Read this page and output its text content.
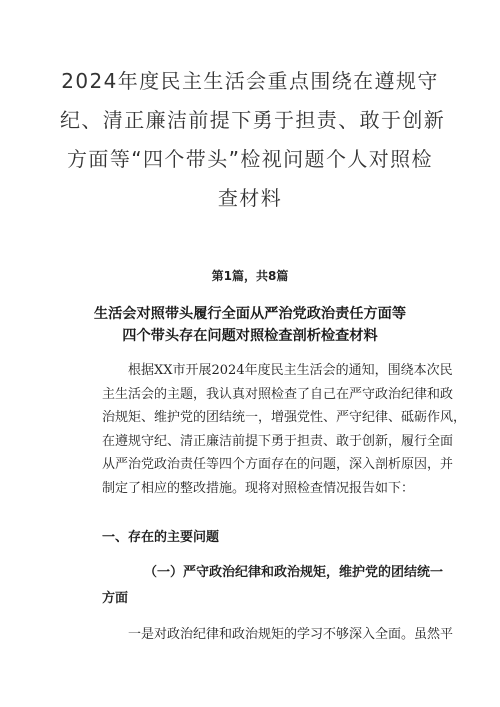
2024年度民主生活会重点围绕在遵规守
纪、清正廉洁前提下勇于担责、敢于创新
方面等“四个带头”检视问题个人对照检
查材料
第1篇，共8篇
生活会对照带头履行全面从严治党政治责任方面等
四个带头存在问题对照检查剖析检查材料

根据XX市开展2024年度民主生活会的通知，围绕本次民
主生活会的主题，我认真对照检查了自己在严守政治纪律和政
治规矩、维护党的团结统一，增强党性、严守纪律、砥砺作风，
在遵规守纪、清正廉洁前提下勇于担责、敢于创新，履行全面
从严治党政治责任等四个方面存在的问题，深入剖析原因，并
制定了相应的整改措施。现将对照检查情况报告如下：

一、存在的主要问题
（一）严守政治纪律和政治规矩，维护党的团结统一
方面

一是对政治纪律和政治规矩的学习不够深入全面。虽然平
